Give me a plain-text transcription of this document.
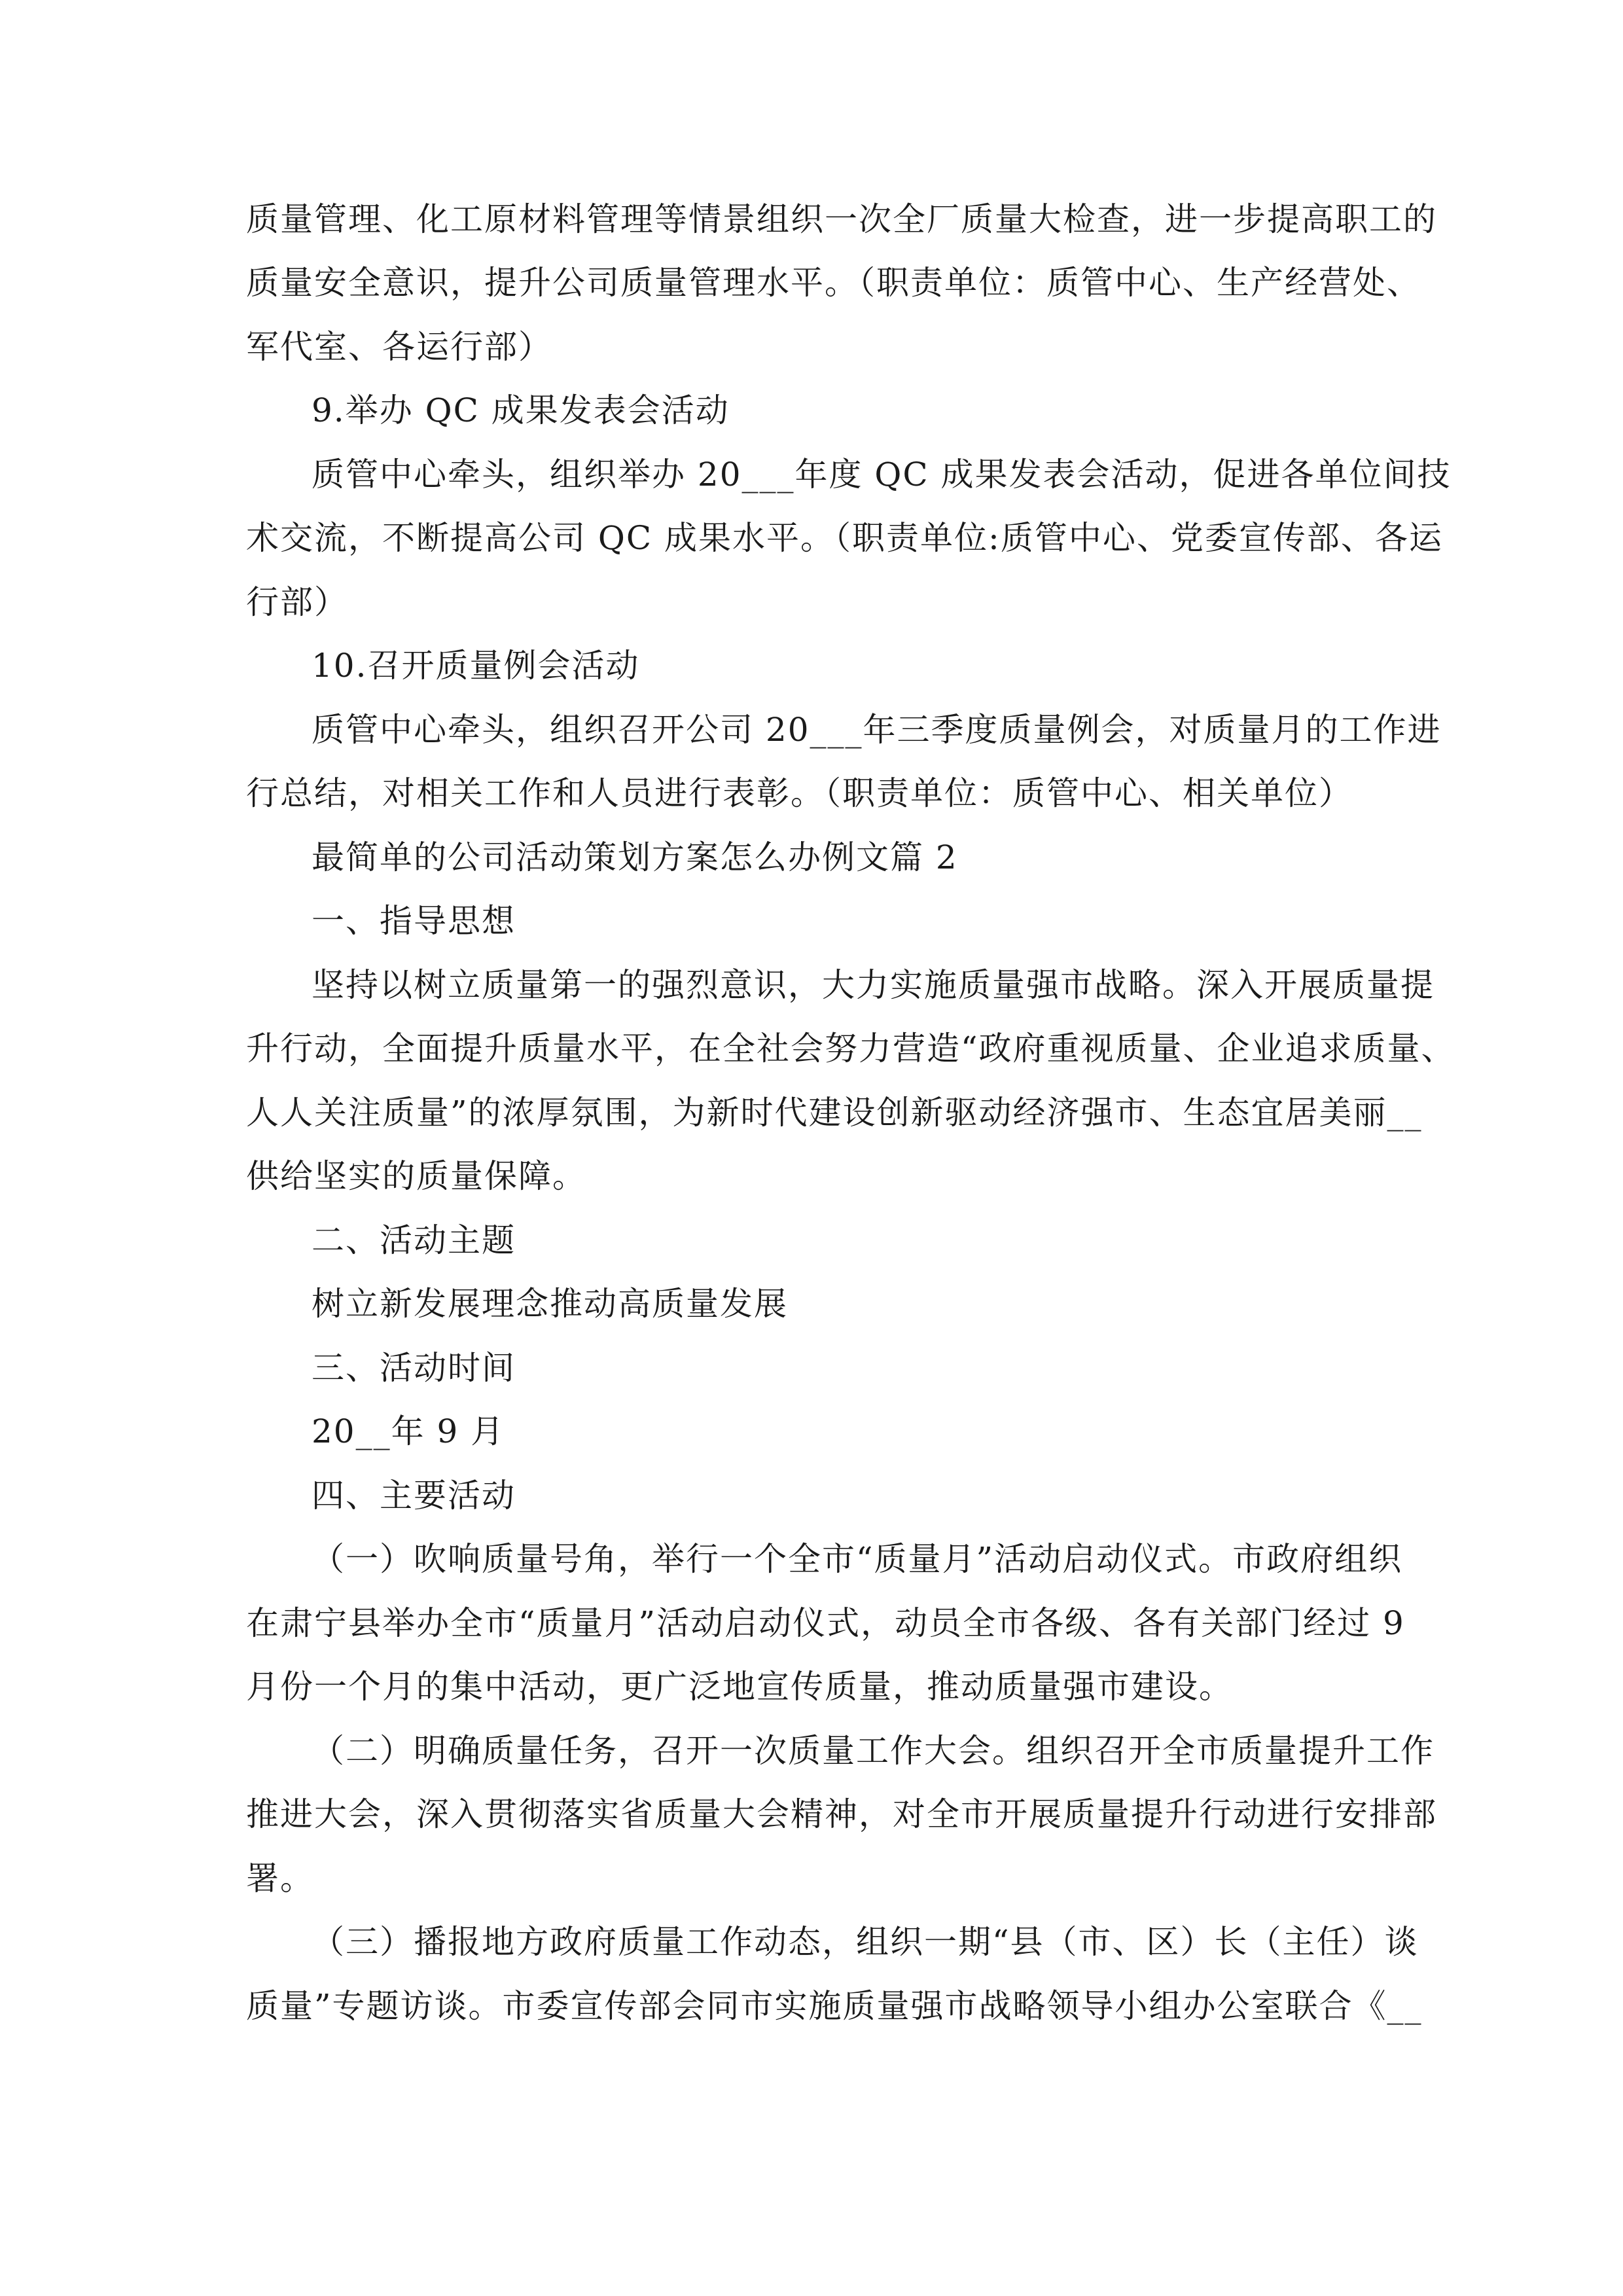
质量管理、化工原材料管理等情景组织一次全厂质量大检查，进一步提高职工的
质量安全意识，提升公司质量管理水平。（职责单位：质管中心、生产经营处、
军代室、各运行部）
9.举办 QC 成果发表会活动
质管中心牵头，组织举办 20___年度 QC 成果发表会活动，促进各单位间技
术交流，不断提高公司 QC 成果水平。（职责单位:质管中心、党委宣传部、各运
行部）
10.召开质量例会活动
质管中心牵头，组织召开公司 20___年三季度质量例会，对质量月的工作进
行总结，对相关工作和人员进行表彰。（职责单位：质管中心、相关单位）
最简单的公司活动策划方案怎么办例文篇 2
一、指导思想
坚持以树立质量第一的强烈意识，大力实施质量强市战略。深入开展质量提
升行动，全面提升质量水平，在全社会努力营造“政府重视质量、企业追求质量、
人人关注质量”的浓厚氛围，为新时代建设创新驱动经济强市、生态宜居美丽__
供给坚实的质量保障。
二、活动主题
树立新发展理念推动高质量发展
三、活动时间
20__年 9 月
四、主要活动
（一）吹响质量号角，举行一个全市“质量月”活动启动仪式。市政府组织
在肃宁县举办全市“质量月”活动启动仪式，动员全市各级、各有关部门经过 9
月份一个月的集中活动，更广泛地宣传质量，推动质量强市建设。
（二）明确质量任务，召开一次质量工作大会。组织召开全市质量提升工作
推进大会，深入贯彻落实省质量大会精神，对全市开展质量提升行动进行安排部
署。
（三）播报地方政府质量工作动态，组织一期“县（市、区）长（主任）谈
质量”专题访谈。市委宣传部会同市实施质量强市战略领导小组办公室联合《__
